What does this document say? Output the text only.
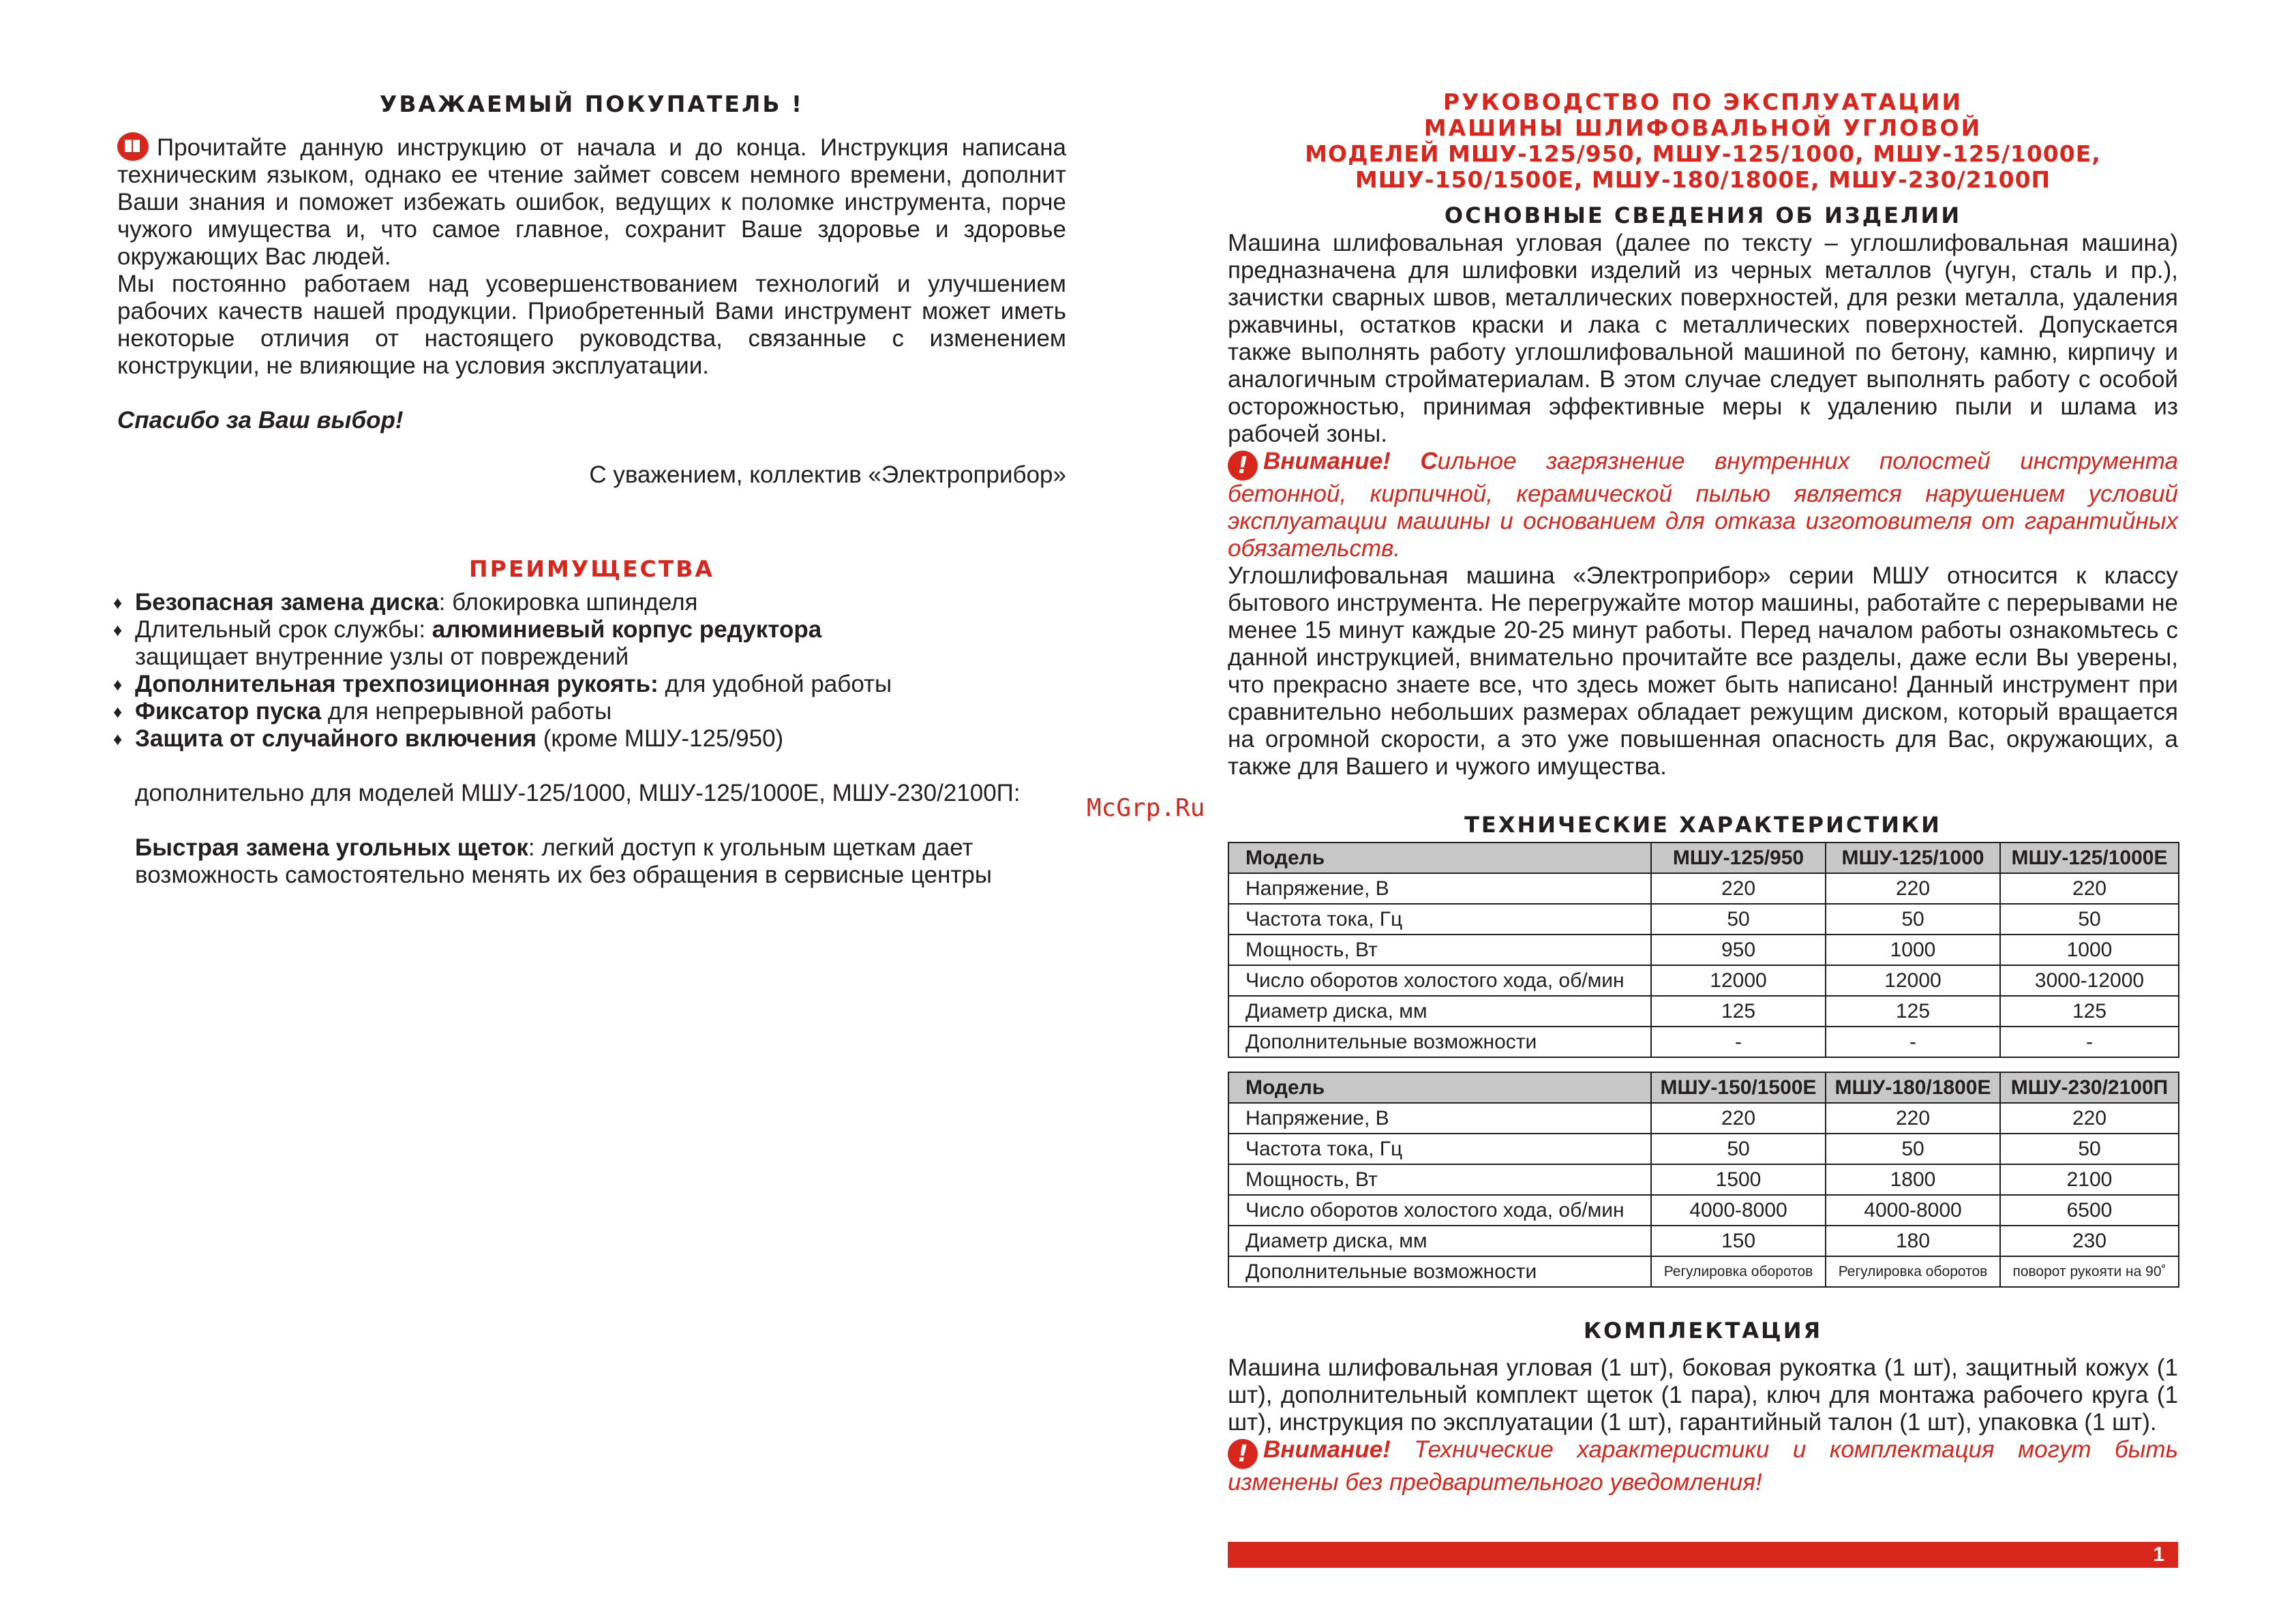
УВАЖАЕМЫЙ ПОКУПАТЕЛЬ !

Прочитайте данную инструкцию от начала и до конца. Инструкция написана техническим языком, однако ее чтение займет совсем немного времени, дополнит Ваши знания и поможет избежать ошибок, ведущих к поломке инструмента, порче чужого имущества и, что самое главное, сохранит Ваше здоровье и здоровье окружающих Вас людей.

Мы постоянно работаем над усовершенствованием технологий и улучшением рабочих качеств нашей продукции. Приобретенный Вами инструмент может иметь некоторые отличия от настоящего руководства, связанные с изменением конструкции, не влияющие на условия эксплуатации.

Спасибо за Ваш выбор!

С уважением, коллектив «Электроприбор»

ПРЕИМУЩЕСТВА
♦ Безопасная замена диска: блокировка шпинделя
♦ Длительный срок службы: алюминиевый корпус редуктора
защищает внутренние узлы от повреждений
♦ Дополнительная трехпозиционная рукоять: для удобной работы
♦ Фиксатор пуска для непрерывной работы
♦ Защита от случайного включения (кроме МШУ-125/950)

дополнительно для моделей МШУ-125/1000, МШУ-125/1000Е, МШУ-230/2100П:

Быстрая замена угольных щеток: легкий доступ к угольным щеткам дает возможность самостоятельно менять их без обращения в сервисные центры

McGrp.Ru
РУКОВОДСТВО ПО ЭКСПЛУАТАЦИИ
МАШИНЫ ШЛИФОВАЛЬНОЙ УГЛОВОЙ
МОДЕЛЕЙ МШУ-125/950, МШУ-125/1000, МШУ-125/1000Е,
МШУ-150/1500Е, МШУ-180/1800Е, МШУ-230/2100П
ОСНОВНЫЕ СВЕДЕНИЯ ОБ ИЗДЕЛИИ

Машина шлифовальная угловая (далее по тексту – углошлифовальная машина) предназначена для шлифовки изделий из черных металлов (чугун, сталь и пр.), зачистки сварных швов, металлических поверхностей, для резки металла, удаления ржавчины, остатков краски и лака с металлических поверхностей. Допускается также выполнять работу углошлифовальной машиной по бетону, камню, кирпичу и аналогичным стройматериалам. В этом случае следует выполнять работу с особой осторожностью, принимая эффективные меры к удалению пыли и шлама из рабочей зоны.

! Внимание! Сильное загрязнение внутренних полостей инструмента бетонной, кирпичной, керамической пылью является нарушением условий эксплуатации машины и основанием для отказа изготовителя от гарантийных обязательств.

Углошлифовальная машина «Электроприбор» серии МШУ относится к классу бытового инструмента. Не перегружайте мотор машины, работайте с перерывами не менее 15 минут каждые 20-25 минут работы. Перед началом работы ознакомьтесь с данной инструкцией, внимательно прочитайте все разделы, даже если Вы уверены, что прекрасно знаете все, что здесь может быть написано! Данный инструмент при сравнительно небольших размерах обладает режущим диском, который вращается на огромной скорости, а это уже повышенная опасность для Вас, окружающих, а также для Вашего и чужого имущества.

ТЕХНИЧЕСКИЕ ХАРАКТЕРИСТИКИ
Модель	МШУ-125/950	МШУ-125/1000	МШУ-125/1000Е
Напряжение, В	220	220	220
Частота тока, Гц	50	50	50
Мощность, Вт	950	1000	1000
Число оборотов холостого хода, об/мин	12000	12000	3000-12000
Диаметр диска, мм	125	125	125
Дополнительные возможности	-	-	-
Модель	МШУ-150/1500Е	МШУ-180/1800Е	МШУ-230/2100П
Напряжение, В	220	220	220
Частота тока, Гц	50	50	50
Мощность, Вт	1500	1800	2100
Число оборотов холостого хода, об/мин	4000-8000	4000-8000	6500
Диаметр диска, мм	150	180	230
Дополнительные возможности	Регулировка оборотов	Регулировка оборотов	поворот рукояти на 90˚
КОМПЛЕКТАЦИЯ

Машина шлифовальная угловая (1 шт), боковая рукоятка (1 шт), защитный кожух (1 шт), дополнительный комплект щеток (1 пара), ключ для монтажа рабочего круга (1 шт), инструкция по эксплуатации (1 шт), гарантийный талон (1 шт), упаковка (1 шт).

! Внимание! Технические характеристики и комплектация могут быть изменены без предварительного уведомления!

1
